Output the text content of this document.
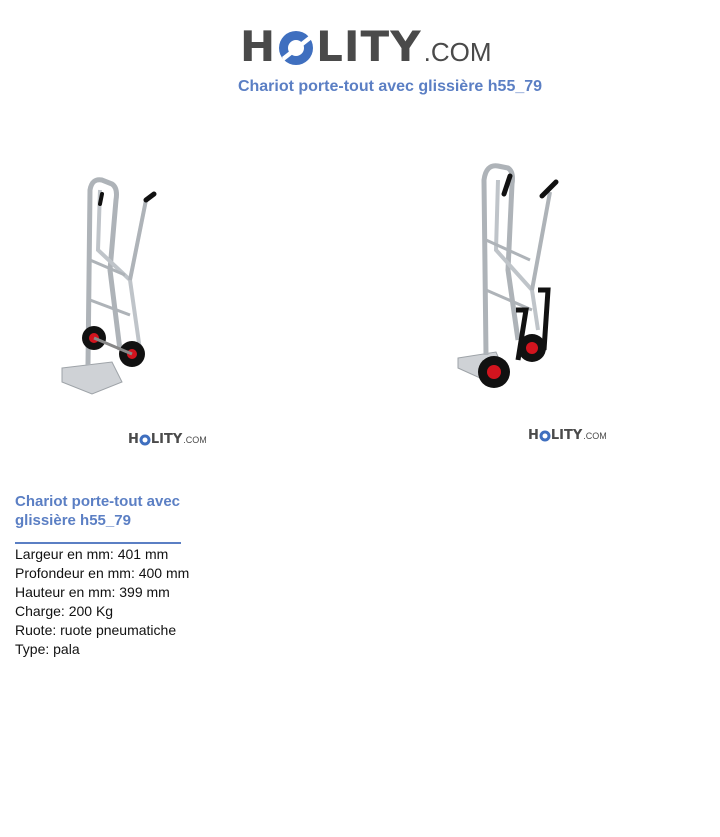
H LITY .COM
Chariot porte-tout avec glissière h55_79
H LITY .COM	H LITY .COM
Chariot porte-tout avec glissière h55_79
Largeur en mm: 401 mm
Profondeur en mm: 400 mm
Hauteur en mm: 399 mm
Charge: 200 Kg
Ruote: ruote pneumatiche
Type: pala
